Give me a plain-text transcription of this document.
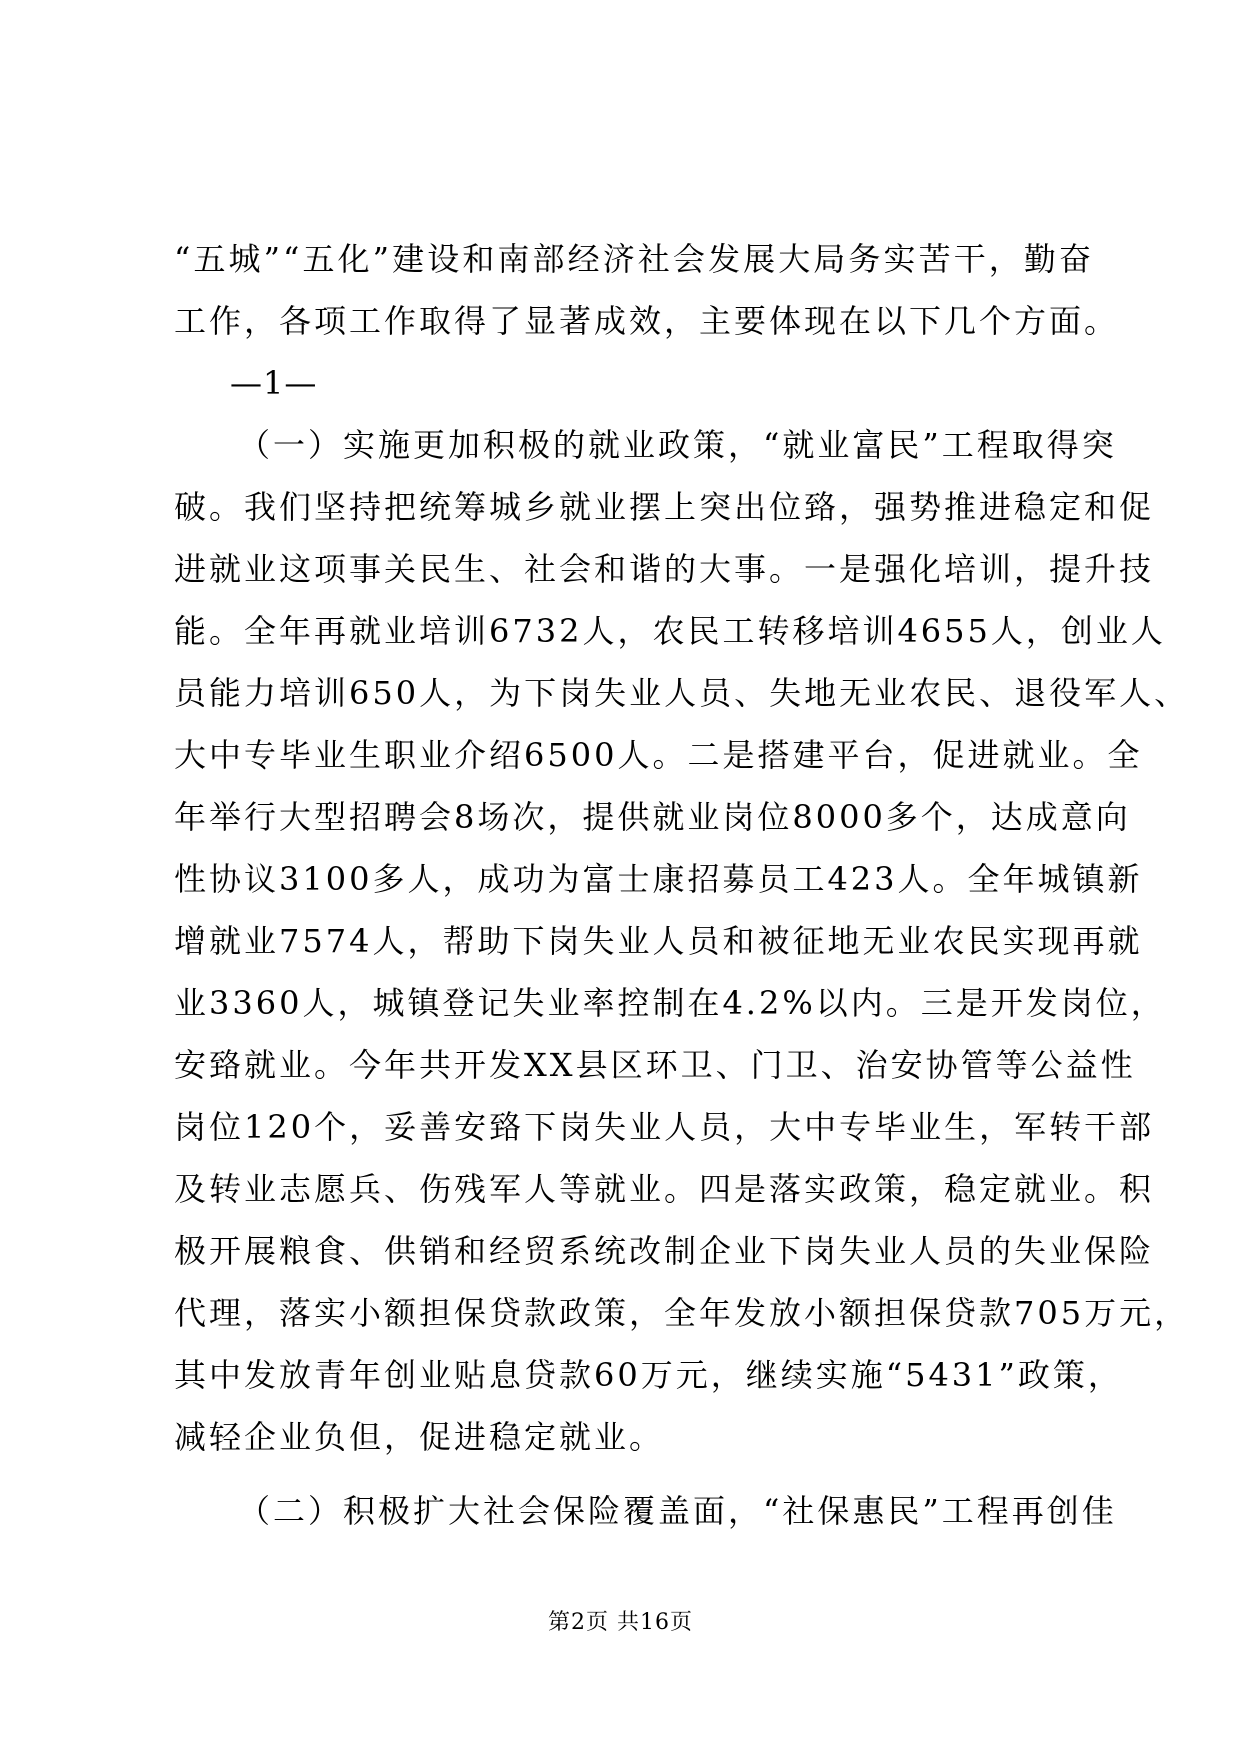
“五城”“五化”建设和南部经济社会发展大局务实苦干，勤奋
工作，各项工作取得了显著成效，主要体现在以下几个方面。
—1—
（一）实施更加积极的就业政策，“就业富民”工程取得突
破。我们坚持把统筹城乡就业摆上突出位臵，强势推进稳定和促
进就业这项事关民生、社会和谐的大事。一是强化培训，提升技
能。全年再就业培训6732人，农民工转移培训4655人，创业人
员能力培训650人，为下岗失业人员、失地无业农民、退役军人、
大中专毕业生职业介绍6500人。二是搭建平台，促进就业。全
年举行大型招聘会8场次，提供就业岗位8000多个，达成意向
性协议3100多人，成功为富士康招募员工423人。全年城镇新
增就业7574人，帮助下岗失业人员和被征地无业农民实现再就
业3360人，城镇登记失业率控制在4.2%以内。三是开发岗位，
安臵就业。今年共开发XX县区环卫、门卫、治安协管等公益性
岗位120个，妥善安臵下岗失业人员，大中专毕业生，军转干部
及转业志愿兵、伤残军人等就业。四是落实政策，稳定就业。积
极开展粮食、供销和经贸系统改制企业下岗失业人员的失业保险
代理，落实小额担保贷款政策，全年发放小额担保贷款705万元，
其中发放青年创业贴息贷款60万元，继续实施“5431”政策，
减轻企业负但，促进稳定就业。
（二）积极扩大社会保险覆盖面，“社保惠民”工程再创佳
第2页 共16页
